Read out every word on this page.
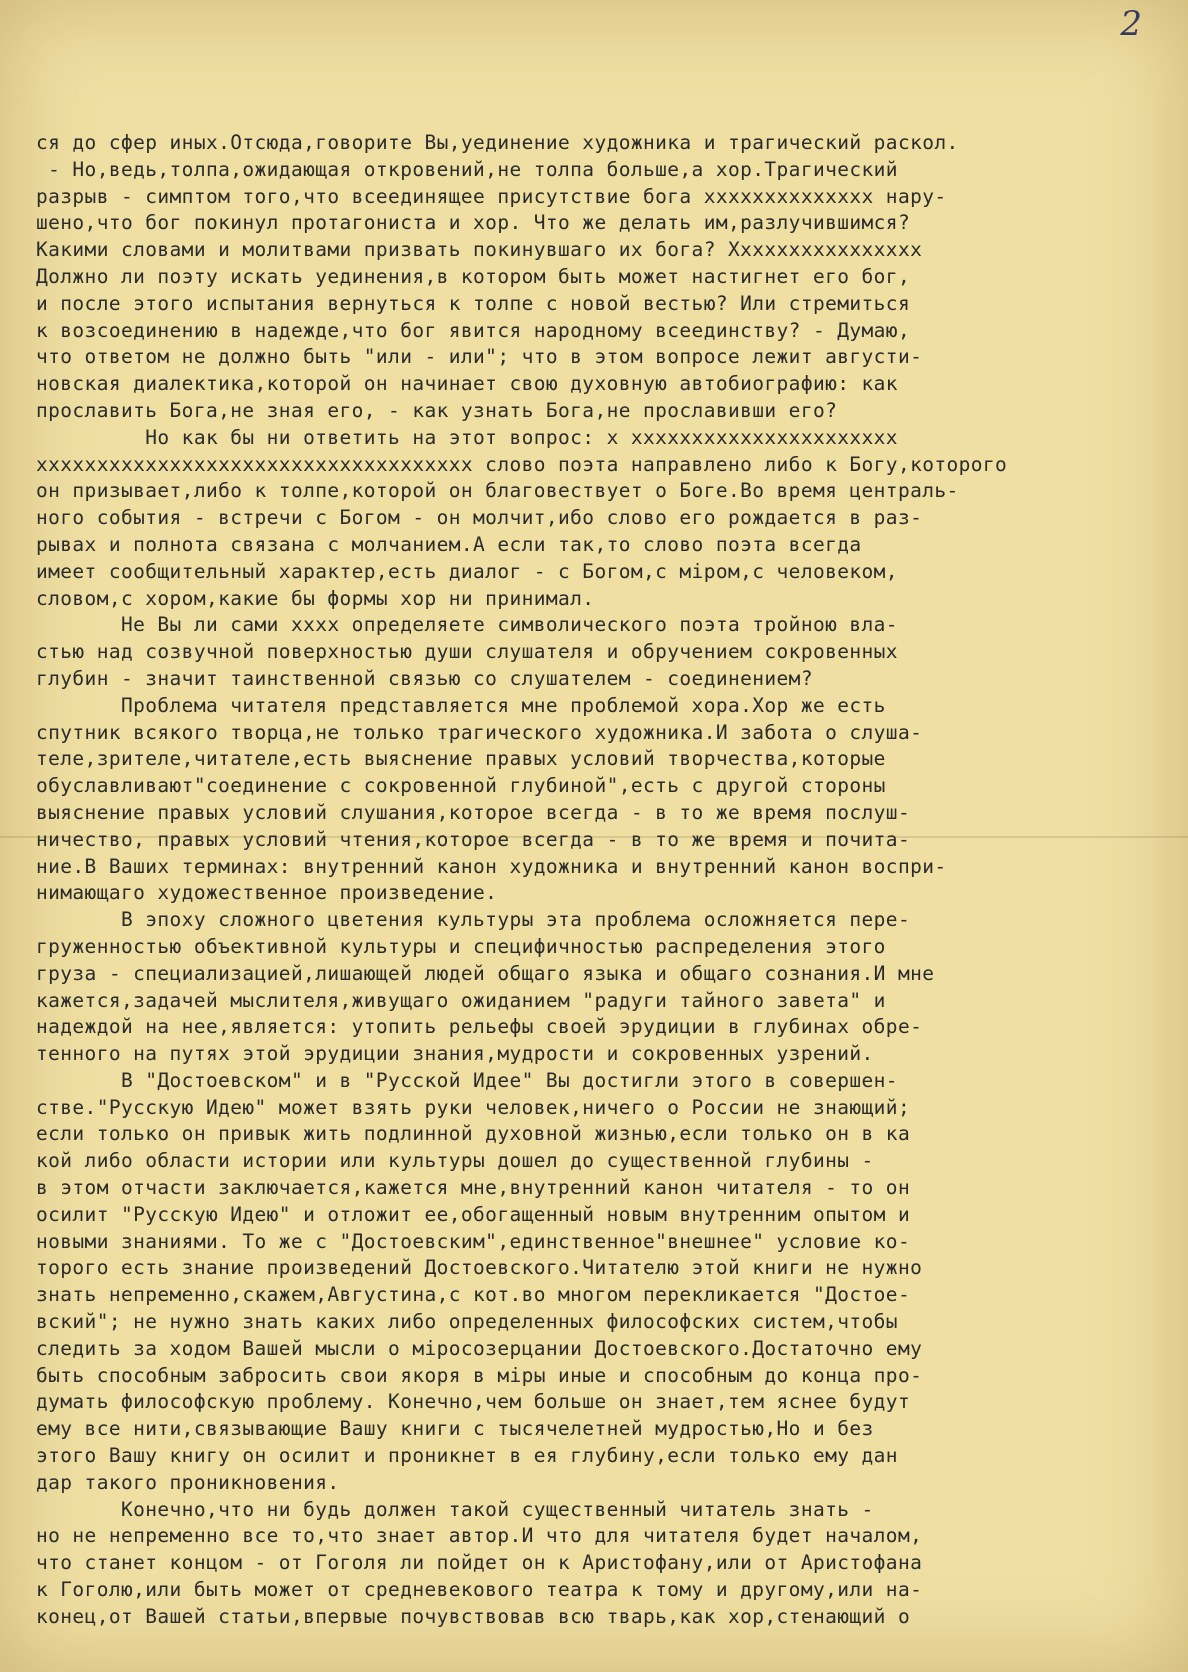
2
ся до сфер иных.Отсюда,говорите Вы,уединение художника и трагический раскол.
- Но,ведь,толпа,ожидающая откровений,не толпа больше,а хор.Трагический
разрыв - симптом того,что всеединящее присутствие бога xxxxxxxxxxxxxx нару-
шено,что бог покинул протагониста и хор. Что же делать им,разлучившимся?
Какими словами и молитвами призвать покинувшаго их бога? Xxxxxxxxxxxxxxxx
Должно ли поэту искать уединения,в котором быть может настигнет его бог,
и после этого испытания вернуться к толпе с новой вестью? Или стремиться
к возсоединению в надежде,что бог явится народному всеединству? - Думаю,
что ответом не должно быть "или - или"; что в этом вопросе лежит августи-
новская диалектика,которой он начинает свою духовную автобиографию: как
прославить Бога,не зная его, - как узнать Бога,не прославивши его?
Но как бы ни ответить на этот вопрос: x xxxxxxxxxxxxxxxxxxxxxx
xxxxxxxxxxxxxxxxxxxxxxxxxxxxxxxxxxxx слово поэта направлено либо к Богу,которого
он призывает,либо к толпе,которой он благовествует о Боге.Во время централь-
ного события - встречи с Богом - он молчит,ибо слово его рождается в раз-
рывах и полнота связана с молчанием.А если так,то слово поэта всегда
имеет сообщительный характер,есть диалог - с Богом,с міром,с человеком,
словом,с хором,какие бы формы хор ни принимал.
Не Вы ли сами xxxx определяете символического поэта тройною вла-
стью над созвучной поверхностью души слушателя и обручением сокровенных
глубин - значит таинственной связью со слушателем - соединением?
Проблема читателя представляется мне проблемой хора.Хор же есть
спутник всякого творца,не только трагического художника.И забота о слуша-
теле,зрителе,читателе,есть выяснение правых условий творчества,которые
обуславливают"соединение с сокровенной глубиной",есть с другой стороны
выяснение правых условий слушания,которое всегда - в то же время послуш-
ничество, правых условий чтения,которое всегда - в то же время и почита-
ние.В Ваших терминах: внутренний канон художника и внутренний канон воспри-
нимающаго художественное произведение.
В эпоху сложного цветения культуры эта проблема осложняется пере-
груженностью объективной культуры и специфичностью распределения этого
груза - специализацией,лишающей людей общаго языка и общаго сознания.И мне
кажется,задачей мыслителя,живущаго ожиданием "радуги тайного завета" и
надеждой на нее,является: утопить рельефы своей эрудиции в глубинах обре-
тенного на путях этой эрудиции знания,мудрости и сокровенных узрений.
В "Достоевском" и в "Русской Идее" Вы достигли этого в совершен-
стве."Русскую Идею" может взять руки человек,ничего о России не знающий;
если только он привык жить подлинной духовной жизнью,если только он в ка
кой либо области истории или культуры дошел до существенной глубины -
в этом отчасти заключается,кажется мне,внутренний канон читателя - то он
осилит "Русскую Идею" и отложит ее,обогащенный новым внутренним опытом и
новыми знаниями. То же с "Достоевским",единственное"внешнее" условие ко-
торого есть знание произведений Достоевского.Читателю этой книги не нужно
знать непременно,скажем,Августина,с кот.во многом перекликается "Достое-
вский"; не нужно знать каких либо определенных философских систем,чтобы
следить за ходом Вашей мысли о міросозерцании Достоевского.Достаточно ему
быть способным забросить свои якоря в міры иные и способным до конца про-
думать философскую проблему. Конечно,чем больше он знает,тем яснее будут
ему все нити,связывающие Вашу книги с тысячелетней мудростью,Но и без
этого Вашу книгу он осилит и проникнет в ея глубину,если только ему дан
дар такого проникновения.
Конечно,что ни будь должен такой существенный читатель знать -
но не непременно все то,что знает автор.И что для читателя будет началом,
что станет концом - от Гоголя ли пойдет он к Аристофану,или от Аристофана
к Гоголю,или быть может от средневекового театра к тому и другому,или на-
конец,от Вашей статьи,впервые почувствовав всю тварь,как хор,стенающий о
